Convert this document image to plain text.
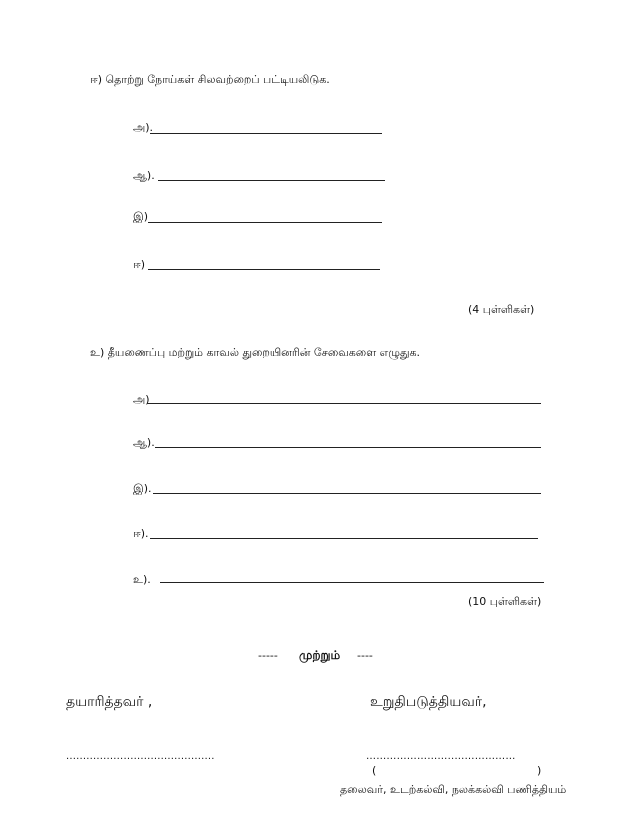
ஈ) தொற்று நோய்கள் சிலவற்றைப் பட்டியலிடுக.
அ).
ஆ).
இ)
ஈ)
(4 புள்ளிகள்)
உ) தீயணைப்பு மற்றும் காவல் துறையினரின் சேவைகளை எழுதுக.
அ)
ஆ).
இ).
ஈ).
உ).
(10 புள்ளிகள்)
----- முற்றும் ----
தயாரித்தவர் ,	உறுதிபடுத்தியவர்,
............................................	……………………..………………
(	)
தலைவர், உடற்கல்வி, நலக்கல்வி பணித்தியம்
